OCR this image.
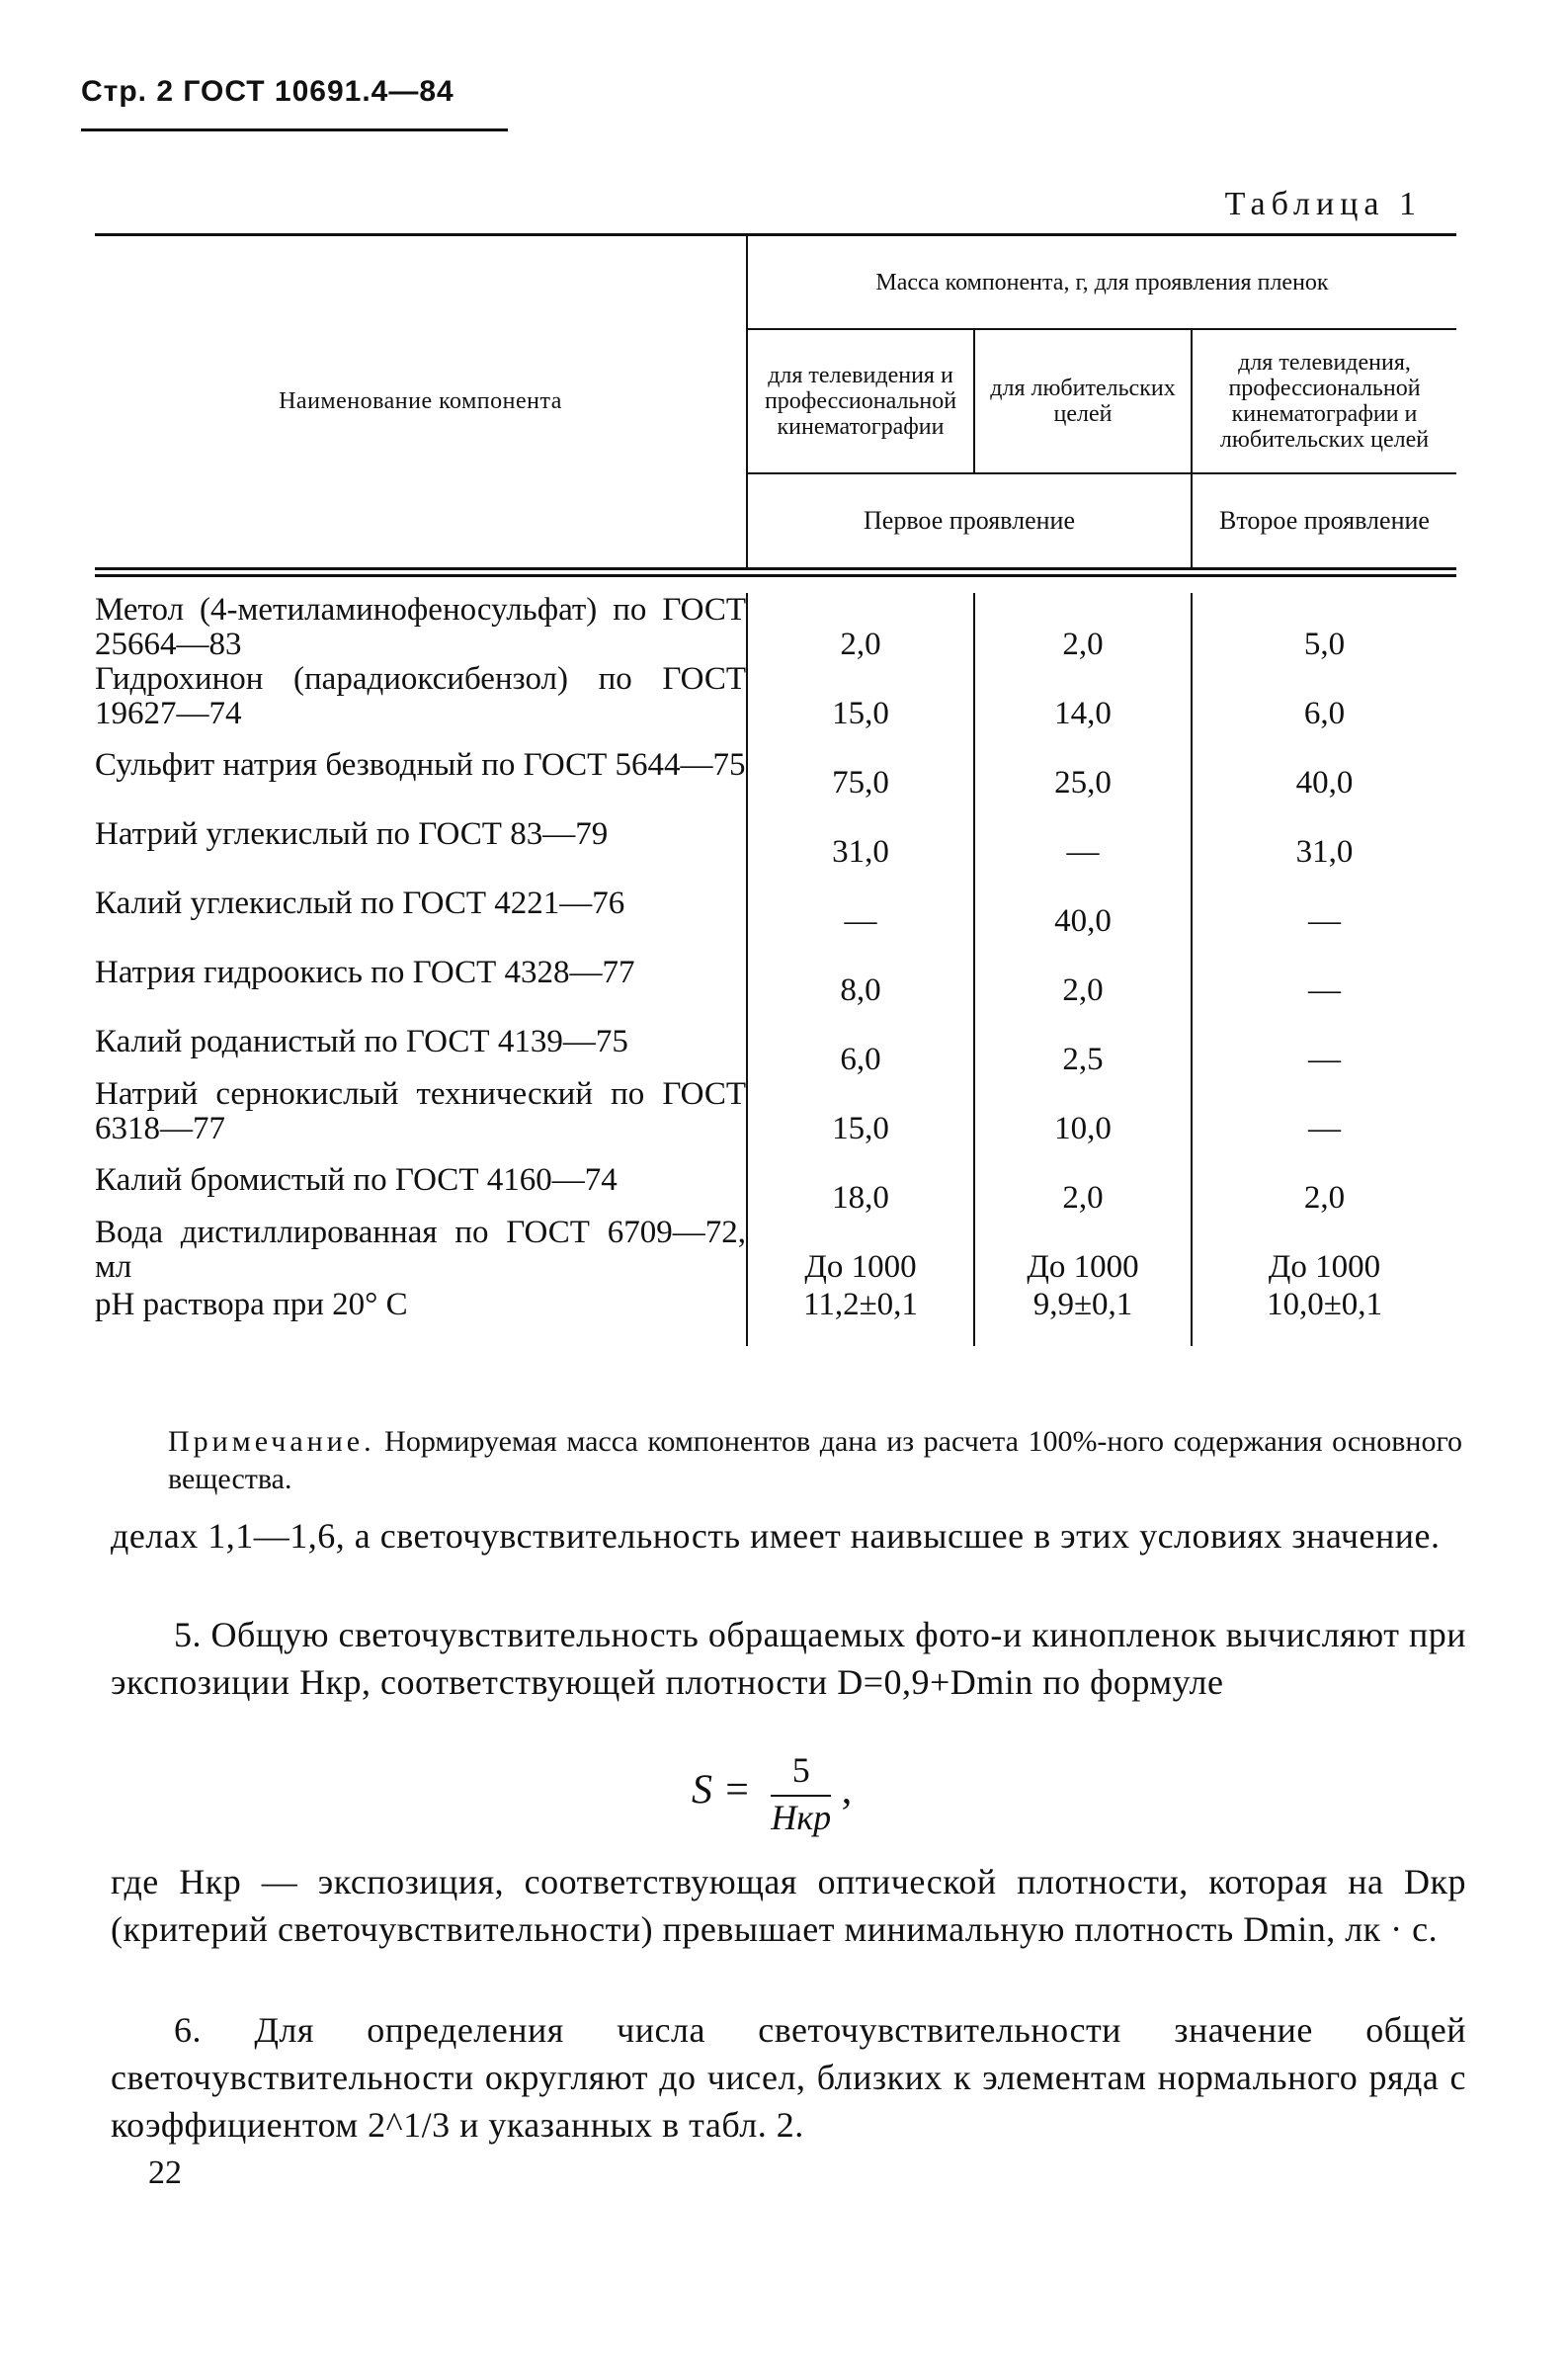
Стр. 2 ГОСТ 10691.4—84
Таблица 1

Наименование компонента	Масса компонента, г, для проявления пленок		
	для телевидения и профессиональной кинематографии	для любительских целей	для телевидения, профессиональной кинематографии и любительских целей
	Первое проявление		Второе проявление

Метол (4-метиламинофеносульфат) по ГОСТ 25664—83	2,0	2,0	5,0
Гидрохинон (парадиоксибензол) по ГОСТ 19627—74	15,0	14,0	6,0
Сульфит натрия безводный по ГОСТ 5644—75	75,0	25,0	40,0
Натрий углекислый по ГОСТ 83—79	31,0	—	31,0
Калий углекислый по ГОСТ 4221—76	—	40,0	—
Натрия гидроокись по ГОСТ 4328—77	8,0	2,0	—
Калий роданистый по ГОСТ 4139—75	6,0	2,5	—
Натрий сернокислый технический по ГОСТ 6318—77	15,0	10,0	—
Калий бромистый по ГОСТ 4160—74	18,0	2,0	2,0
Вода дистиллированная по ГОСТ 6709—72, мл	До 1000	До 1000	До 1000
pH раствора при 20° С	11,2±0,1	9,9±0,1	10,0±0,1

Примечание. Нормируемая масса компонентов дана из расчета 100%-ного содержания основного вещества.
делах 1,1—1,6, а светочувствительность имеет наивысшее в этих условиях значение.
5. Общую светочувствительность обращаемых фото-и кинопленок вычисляют при экспозиции Hкр, соответствующей плотности D=0,9+Dmin по формуле
$S = \frac{5}{\text{Hкр}}$ ,
где Hкр — экспозиция, соответствующая оптической плотности, которая на Dкр (критерий светочувствительности) превышает минимальную плотность Dmin, лк · с.
6. Для определения числа светочувствительности значение общей светочувствительности округляют до чисел, близких к элементам нормального ряда с коэффициентом 2^1/3 и указанных в табл. 2.
22
